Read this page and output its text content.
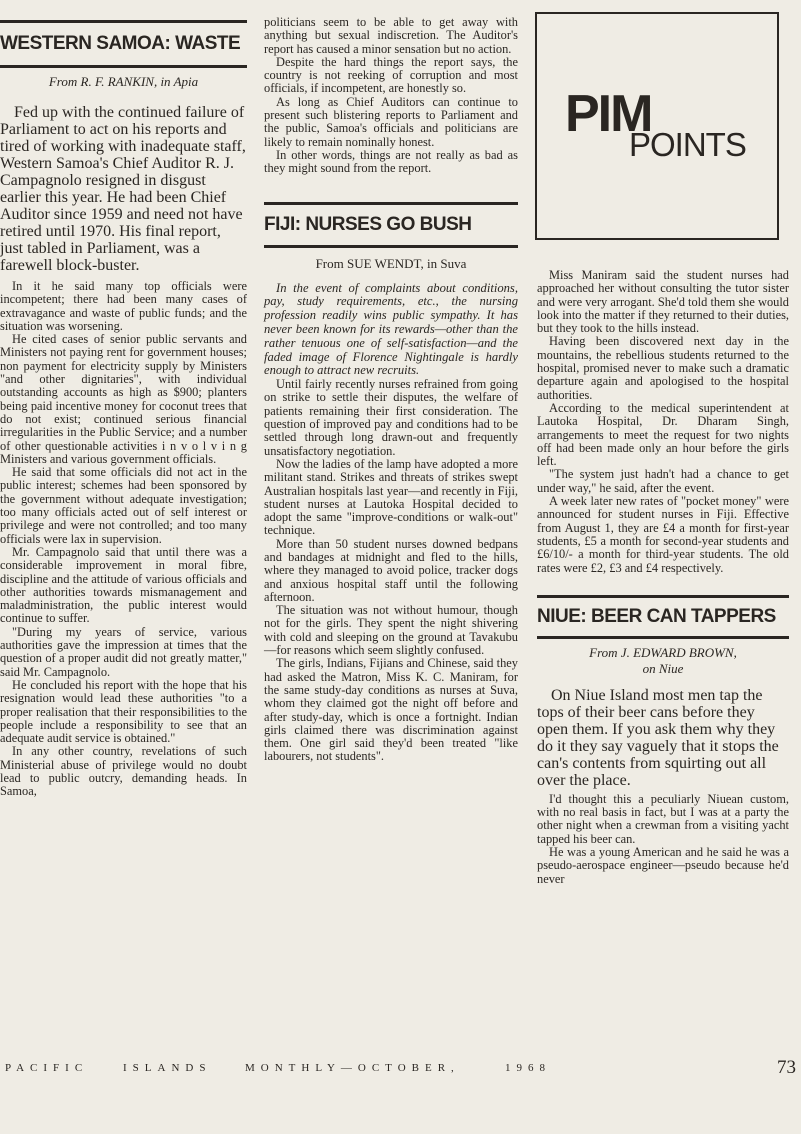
WESTERN SAMOA: WASTE
From R. F. RANKIN, in Apia

Fed up with the continued failure of Parliament to act on his reports and tired of working with inadequate staff, Western Samoa's Chief Auditor R. J. Campagnolo resigned in disgust earlier this year. He had been Chief Auditor since 1959 and need not have retired until 1970. His final report, just tabled in Parliament, was a farewell block-buster.

In it he said many top officials were incompetent; there had been many cases of extravagance and waste of public funds; and the situation was worsening.

He cited cases of senior public servants and Ministers not paying rent for government houses; non payment for electricity supply by Ministers "and other dignitaries", with individual outstanding accounts as high as $900; planters being paid incentive money for coconut trees that do not exist; continued serious financial irregularities in the Public Service; and a number of other questionable activities i n v o l v i n g Ministers and various government officials.

He said that some officials did not act in the public interest; schemes had been sponsored by the government without adequate investigation; too many officials acted out of self interest or privilege and were not controlled; and too many officials were lax in supervision.

Mr. Campagnolo said that until there was a considerable improvement in moral fibre, discipline and the attitude of various officials and other authorities towards mismanagement and maladministration, the public interest would continue to suffer.

"During my years of service, various authorities gave the impression at times that the question of a proper audit did not greatly matter," said Mr. Campagnolo.

He concluded his report with the hope that his resignation would lead these authorities "to a proper realisation that their responsibilities to the people include a responsibility to see that an adequate audit service is obtained."

In any other country, revelations of such Ministerial abuse of privilege would no doubt lead to public outcry, demanding heads. In Samoa,

politicians seem to be able to get away with anything but sexual indiscretion. The Auditor's report has caused a minor sensation but no action.

Despite the hard things the report says, the country is not reeking of corruption and most officials, if incompetent, are honestly so.

As long as Chief Auditors can continue to present such blistering reports to Parliament and the public, Samoa's officials and politicians are likely to remain nominally honest.

In other words, things are not really as bad as they might sound from the report.

FIJI: NURSES GO BUSH
From SUE WENDT, in Suva

In the event of complaints about conditions, pay, study requirements, etc., the nursing profession readily wins public sympathy. It has never been known for its rewards—other than the rather tenuous one of self-satisfaction—and the faded image of Florence Nightingale is hardly enough to attract new recruits.

Until fairly recently nurses refrained from going on strike to settle their disputes, the welfare of patients remaining their first consideration. The question of improved pay and conditions had to be settled through long drawn-out and frequently unsatisfactory negotiation.

Now the ladies of the lamp have adopted a more militant stand. Strikes and threats of strikes swept Australian hospitals last year—and recently in Fiji, student nurses at Lautoka Hospital decided to adopt the same "improve-conditions or walk-out" technique.

More than 50 student nurses downed bedpans and bandages at midnight and fled to the hills, where they managed to avoid police, tracker dogs and anxious hospital staff until the following afternoon.

The situation was not without humour, though not for the girls. They spent the night shivering with cold and sleeping on the ground at Tavakubu—for reasons which seem slightly confused.

The girls, Indians, Fijians and Chinese, said they had asked the Matron, Miss K. C. Maniram, for the same study-day conditions as nurses at Suva, whom they claimed got the night off before and after study-day, which is once a fortnight. Indian girls claimed there was discrimination against them. One girl said they'd been treated "like labourers, not students".

PIM
POINTS

Miss Maniram said the student nurses had approached her without consulting the tutor sister and were very arrogant. She'd told them she would look into the matter if they returned to their duties, but they took to the hills instead.

Having been discovered next day in the mountains, the rebellious students returned to the hospital, promised never to make such a dramatic departure again and apologised to the hospital authorities.

According to the medical superintendent at Lautoka Hospital, Dr. Dharam Singh, arrangements to meet the request for two nights off had been made only an hour before the girls left.

"The system just hadn't had a chance to get under way," he said, after the event.

A week later new rates of "pocket money" were announced for student nurses in Fiji. Effective from August 1, they are £4 a month for first-year students, £5 a month for second-year students and £6/10/- a month for third-year students. The old rates were £2, £3 and £4 respectively.

NIUE: BEER CAN TAPPERS
From J. EDWARD BROWN,
on Niue

On Niue Island most men tap the tops of their beer cans before they open them. If you ask them why they do it they say vaguely that it stops the can's contents from squirting out all over the place.

I'd thought this a peculiarly Niuean custom, with no real basis in fact, but I was at a party the other night when a crewman from a visiting yacht tapped his beer can.

He was a young American and he said he was a pseudo-aerospace engineer—pseudo because he'd never

PACIFIC	ISLANDS	MONTHLY—OCTOBER,	1968	73
